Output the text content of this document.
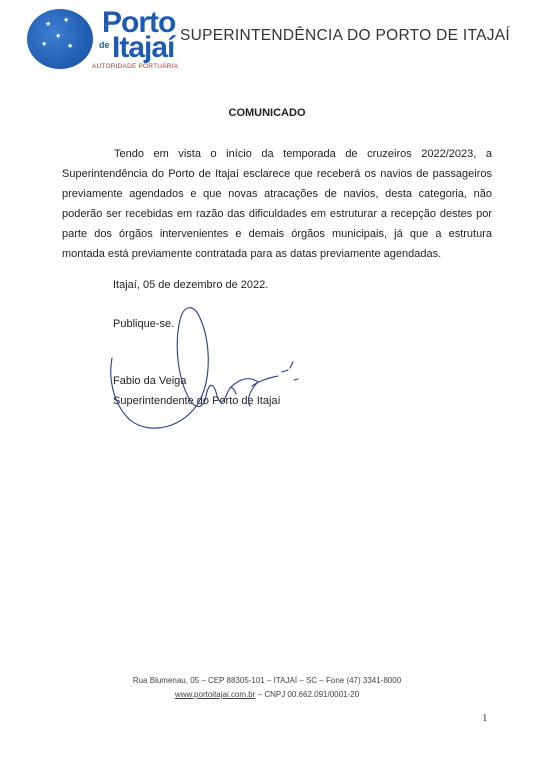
★
★
★
★	★
Porto
de Itajaí
AUTORIDADE PORTUÁRIA
SUPERINTENDÊNCIA DO PORTO DE ITAJAÍ
COMUNICADO

Tendo em vista o início da temporada de cruzeiros 2022/2023, a Superintendência do Porto de Itajaí esclarece que receberá os navios de passageiros previamente agendados e que novas atracações de navios, desta categoria, não poderão ser recebidas em razão das dificuldades em estruturar a recepção destes por parte dos órgãos intervenientes e demais órgãos municipais, já que a estrutura montada está previamente contratada para as datas previamente agendadas.

Itajaí, 05 de dezembro de 2022.
Publique-se.
Fabio da Veiga
Superintendente do Porto de Itajaí
Rua Blumenau, 05 – CEP 88305-101 – ITAJAÍ – SC – Fone (47) 3341-8000
www.portoitajai.com.br – CNPJ 00.662.091/0001-20
1
